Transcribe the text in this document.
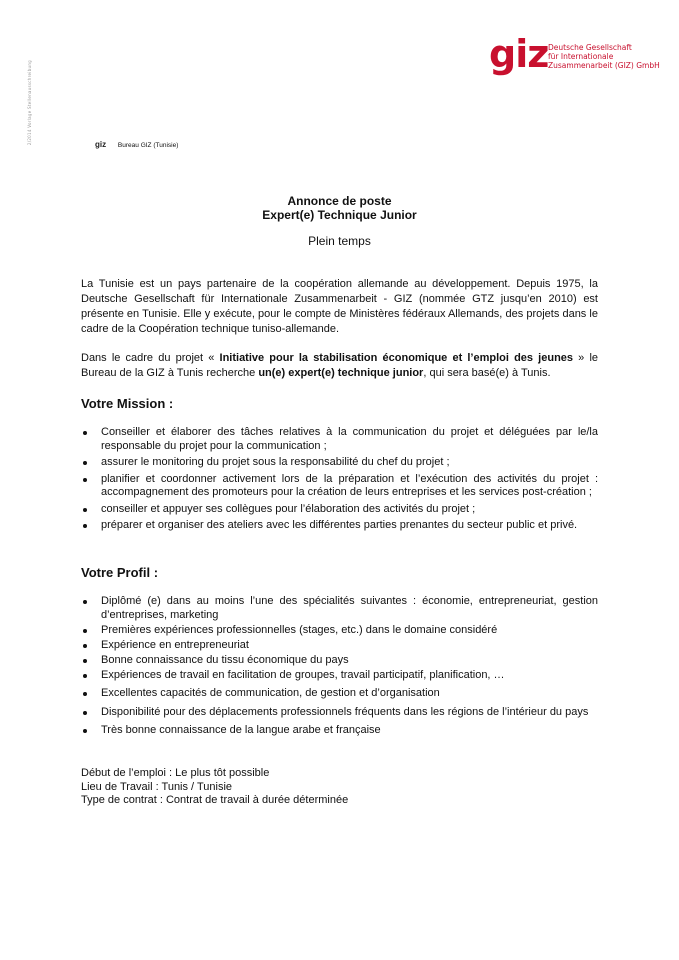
2/2014 Vorlage Stellenausschreibung
giz Deutsche Gesellschaft
für Internationale
Zusammenarbeit (GIZ) GmbH
giz Bureau GIZ (Tunisie)
Annonce de poste
Expert(e) Technique Junior
Plein temps

La Tunisie est un pays partenaire de la coopération allemande au développement. Depuis 1975, la Deutsche Gesellschaft für Internationale Zusammenarbeit - GIZ (nommée GTZ jusqu’en 2010) est présente en Tunisie. Elle y exécute, pour le compte de Ministères fédéraux Allemands, des projets dans le cadre de la Coopération technique tuniso-allemande.

Dans le cadre du projet « Initiative pour la stabilisation économique et l’emploi des jeunes » le Bureau de la GIZ à Tunis recherche un(e) expert(e) technique junior, qui sera basé(e) à Tunis.

Votre Mission :
Conseiller et élaborer des tâches relatives à la communication du projet et déléguées par le/la responsable du projet pour la communication ;
assurer le monitoring du projet sous la responsabilité du chef du projet ;
planifier et coordonner activement lors de la préparation et l’exécution des activités du projet : accompagnement des promoteurs pour la création de leurs entreprises et les services post-création ;
conseiller et appuyer ses collègues pour l’élaboration des activités du projet ;
préparer et organiser des ateliers avec les différentes parties prenantes du secteur public et privé.
Votre Profil :
Diplômé (e) dans au moins l’une des spécialités suivantes : économie, entrepreneuriat, gestion d’entreprises, marketing
Premières expériences professionnelles (stages, etc.) dans le domaine considéré
Expérience en entrepreneuriat
Bonne connaissance du tissu économique du pays
Expériences de travail en facilitation de groupes, travail participatif, planification, …
Excellentes capacités de communication, de gestion et d’organisation
Disponibilité pour des déplacements professionnels fréquents dans les régions de l’intérieur du pays
Très bonne connaissance de la langue arabe et française
Début de l’emploi : Le plus tôt possible
Lieu de Travail : Tunis / Tunisie
Type de contrat : Contrat de travail à durée déterminée
